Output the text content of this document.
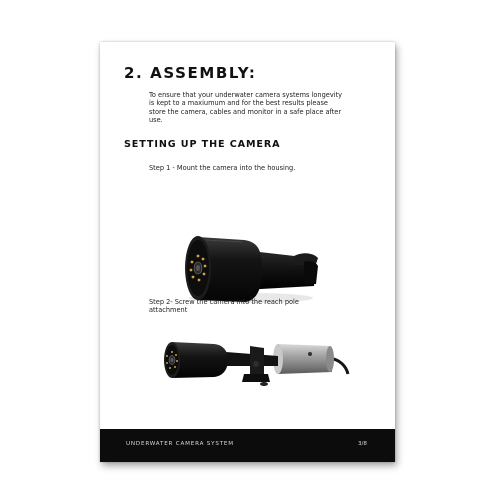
2. ASSEMBLY:

To ensure that your underwater camera systems longevity is kept to a maxiumum and for the best results please store the camera, cables and monitor in a safe place after use.

SETTING UP THE CAMERA

Step 1 - Mount the camera into the housing.

Step 2- Screw the camera into the reach pole attachment

UNDERWATER CAMERA SYSTEM	3/8
